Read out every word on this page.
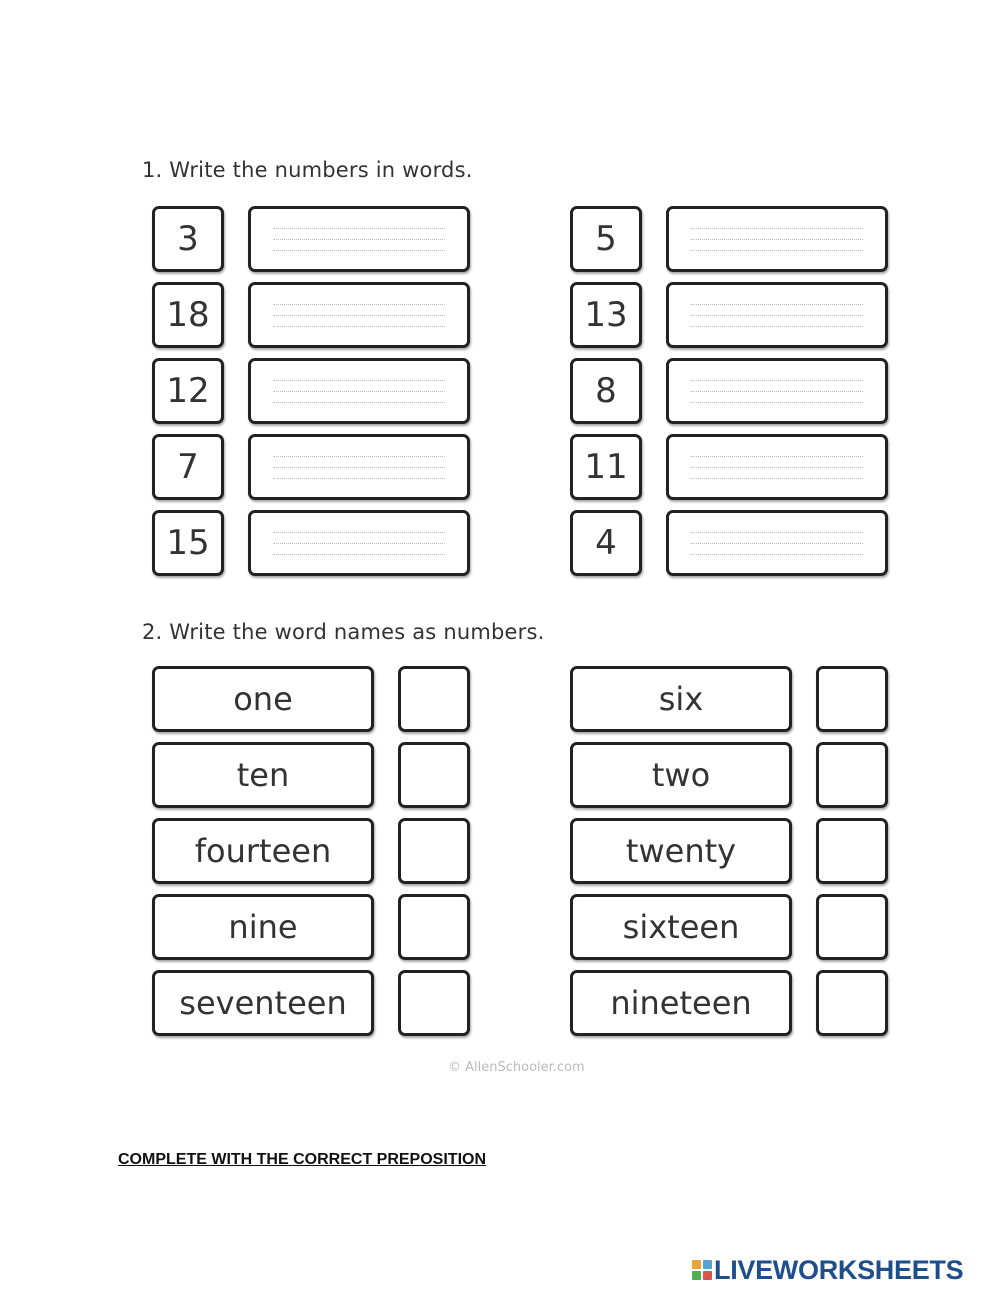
1. Write the numbers in words.
3
18
12
7
15
5
13
8
11
4
2. Write the word names as numbers.
one
ten
fourteen
nine
seventeen
six
two
twenty
sixteen
nineteen
© AllenSchooler.com
COMPLETE WITH THE CORRECT PREPOSITION
LIVEWORKSHEETS
